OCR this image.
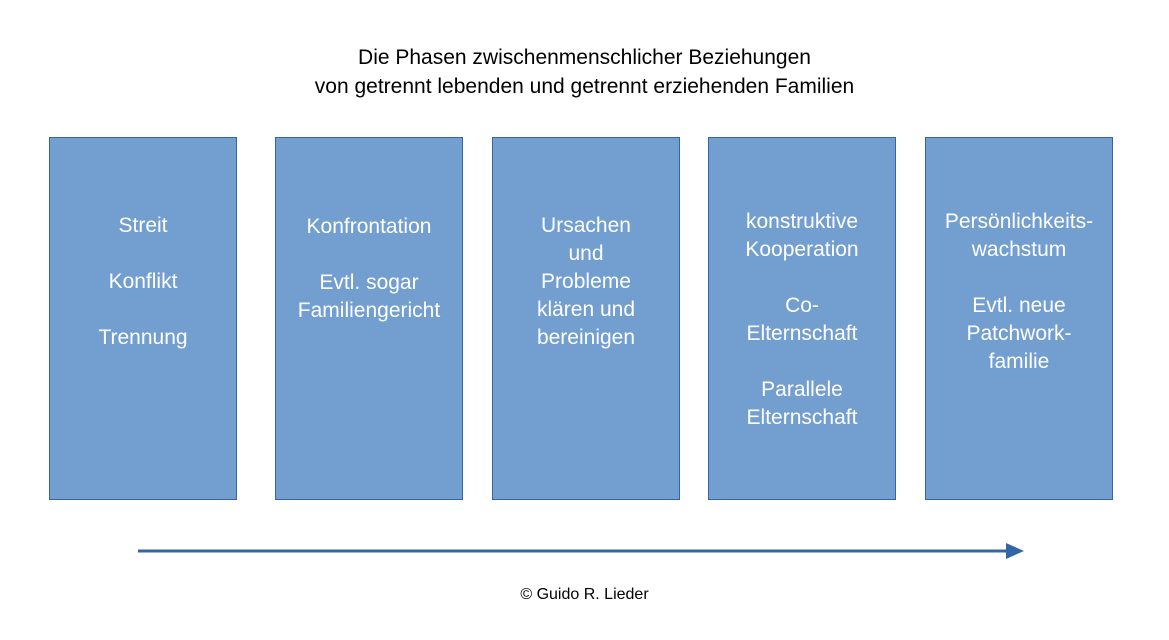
Die Phasen zwischenmenschlicher Beziehungen
von getrennt lebenden und getrennt erziehenden Familien
Streit
Konflikt
Trennung
Konfrontation
Evtl. sogar
Familiengericht
Ursachen
und
Probleme
klären und
bereinigen
konstruktive
Kooperation
Co-
Elternschaft
Parallele
Elternschaft
Persönlichkeits-
wachstum
Evtl. neue
Patchwork-
familie
© Guido R. Lieder
